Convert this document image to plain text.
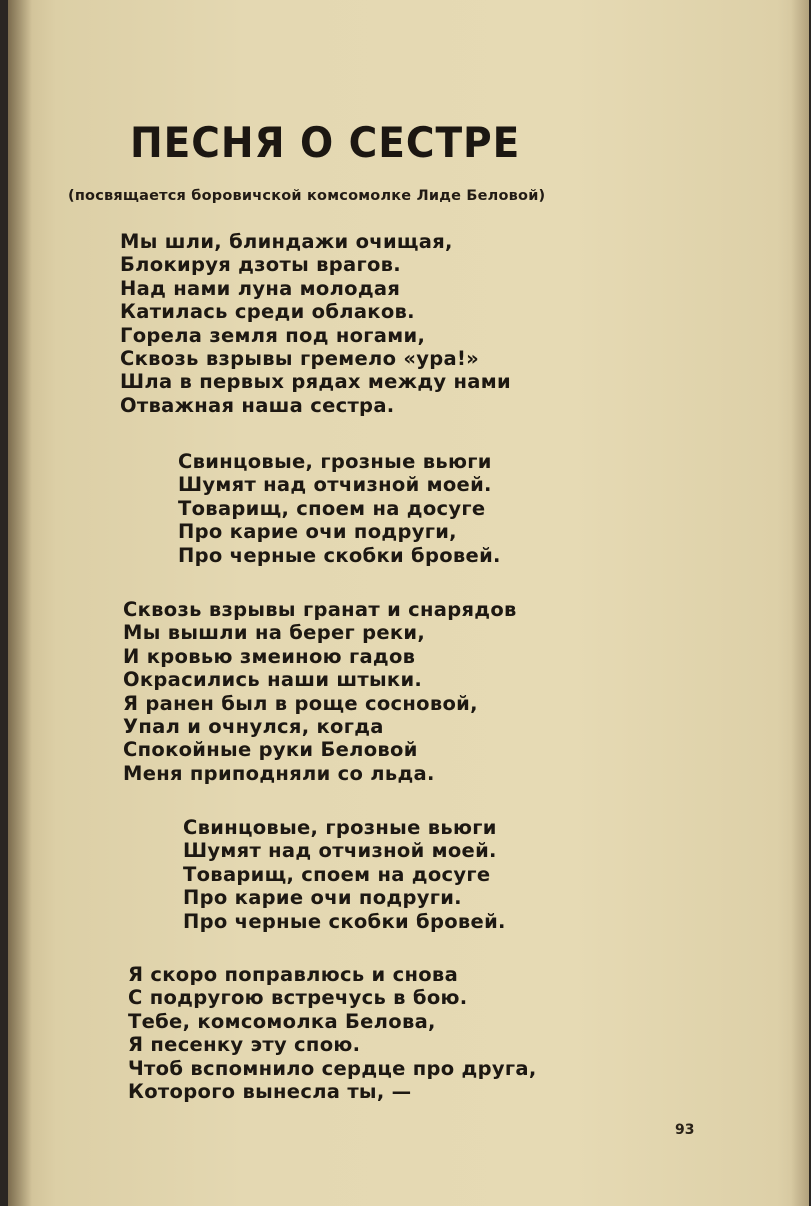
ПЕСНЯ О СЕСТРЕ
(посвящается боровичской комсомолке Лиде Беловой)
Мы шли, блиндажи очищая,
Блокируя дзоты врагов.
Над нами луна молодая
Катилась среди облаков.
Горела земля под ногами,
Сквозь взрывы гремело «ура!»
Шла в первых рядах между нами
Отважная наша сестра.
Свинцовые, грозные вьюги
Шумят над отчизной моей.
Товарищ, споем на досуге
Про карие очи подруги,
Про черные скобки бровей.
Сквозь взрывы гранат и снарядов
Мы вышли на берег реки,
И кровью змеиною гадов
Окрасились наши штыки.
Я ранен был в роще сосновой,
Упал и очнулся, когда
Спокойные руки Беловой
Меня приподняли со льда.
Свинцовые, грозные вьюги
Шумят над отчизной моей.
Товарищ, споем на досуге
Про карие очи подруги.
Про черные скобки бровей.
Я скоро поправлюсь и снова
С подругою встречусь в бою.
Тебе, комсомолка Белова,
Я песенку эту спою.
Чтоб вспомнило сердце про друга,
Которого вынесла ты, —
93
